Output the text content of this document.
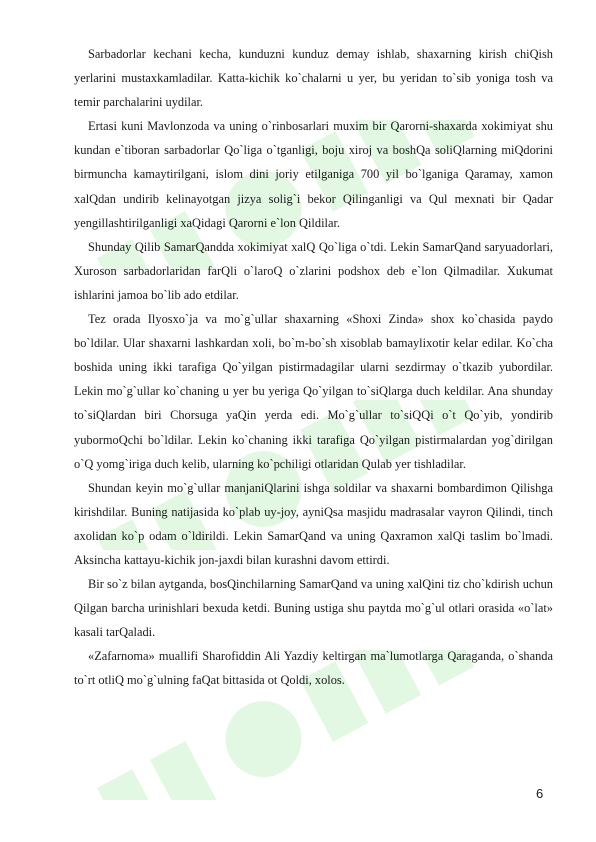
Sarbadorlar kechani kecha, kunduzni kunduz demay ishlab, shaxarning kirish chiQish yerlarini mustaxkamladilar. Katta-kichik ko`chalarni u yer, bu yeridan to`sib yoniga tosh va temir parchalarini uydilar.

Ertasi kuni Mavlonzoda va uning o`rinbosarlari muxim bir Qarorni-shaxarda xokimiyat shu kundan e`tiboran sarbadorlar Qo`liga o`tganligi, boju xiroj va boshQa soliQlarning miQdorini birmuncha kamaytirilgani, islom dini joriy etilganiga 700 yil bo`lganiga Qaramay, xamon xalQdan undirib kelinayotgan jizya solig`i bekor Qilinganligi va Qul mexnati bir Qadar yengillashtirilganligi xaQidagi Qarorni e`lon Qildilar.

Shunday Qilib SamarQandda xokimiyat xalQ Qo`liga o`tdi. Lekin SamarQand saryuadorlari, Xuroson sarbadorlaridan farQli o`laroQ o`zlarini podshox deb e`lon Qilmadilar. Xukumat ishlarini jamoa bo`lib ado etdilar.

Tez orada Ilyosxo`ja va mo`g`ullar shaxarning «Shoxi Zinda» shox ko`chasida paydo bo`ldilar. Ular shaxarni lashkardan xoli, bo`m-bo`sh xisoblab bamaylixotir kelar edilar. Ko`cha boshida uning ikki tarafiga Qo`yilgan pistirmadagilar ularni sezdirmay o`tkazib yubordilar. Lekin mo`g`ullar ko`chaning u yer bu yeriga Qo`yilgan to`siQlarga duch keldilar. Ana shunday to`siQlardan biri Chorsuga yaQin yerda edi. Mo`g`ullar to`siQQi o`t Qo`yib, yondirib yubormoQchi bo`ldilar. Lekin ko`chaning ikki tarafiga Qo`yilgan pistirmalardan yog`dirilgan o`Q yomg`iriga duch kelib, ularning ko`pchiligi otlaridan Qulab yer tishladilar.

Shundan keyin mo`g`ullar manjaniQlarini ishga soldilar va shaxarni bombardimon Qilishga kirishdilar. Buning natijasida ko`plab uy-joy, ayniQsa masjidu madrasalar vayron Qilindi, tinch axolidan ko`p odam o`ldirildi. Lekin SamarQand va uning Qaxramon xalQi taslim bo`lmadi. Aksincha kattayu-kichik jon-jaxdi bilan kurashni davom ettirdi.

Bir so`z bilan aytganda, bosQinchilarning SamarQand va uning xalQini tiz cho`kdirish uchun Qilgan barcha urinishlari bexuda ketdi. Buning ustiga shu paytda mo`g`ul otlari orasida «o`lat» kasali tarQaladi.

«Zafarnoma» muallifi Sharofiddin Ali Yazdiy keltirgan ma`lumotlarga Qaraganda, o`shanda to`rt otliQ mo`g`ulning faQat bittasida ot Qoldi, xolos.

6
